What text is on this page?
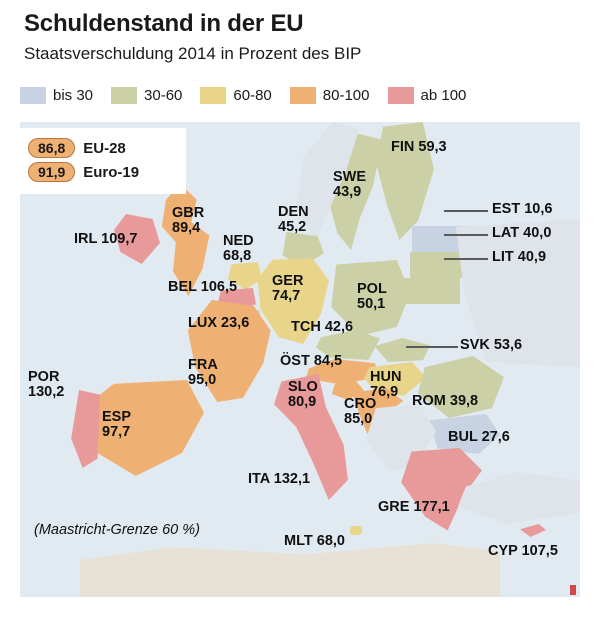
Schuldenstand in der EU
Staatsverschuldung 2014 in Prozent des BIP
bis 30	30-60	60-80	80-100	ab 100
86,8	EU-28
91,9	Euro-19
FIN 59,3
SWE
43,9
DEN
45,2
EST 10,6
LAT 40,0
LIT 40,9
GBR
89,4
IRL 109,7	NED
68,8
BEL 106,5 GER
74,7	POL
50,1
LUX 23,6	TCH 42,6
SVK 53,6
ÖST 84,5
FRA
95,0	HUN 76,9
SLO
80,9	CRO
85,0
ROM 39,8
BUL 27,6
POR
130,2
ESP
97,7
ITA 132,1
GRE 177,1
MLT 68,0
CYP 107,5
(Maastricht-Grenze 60 %)
